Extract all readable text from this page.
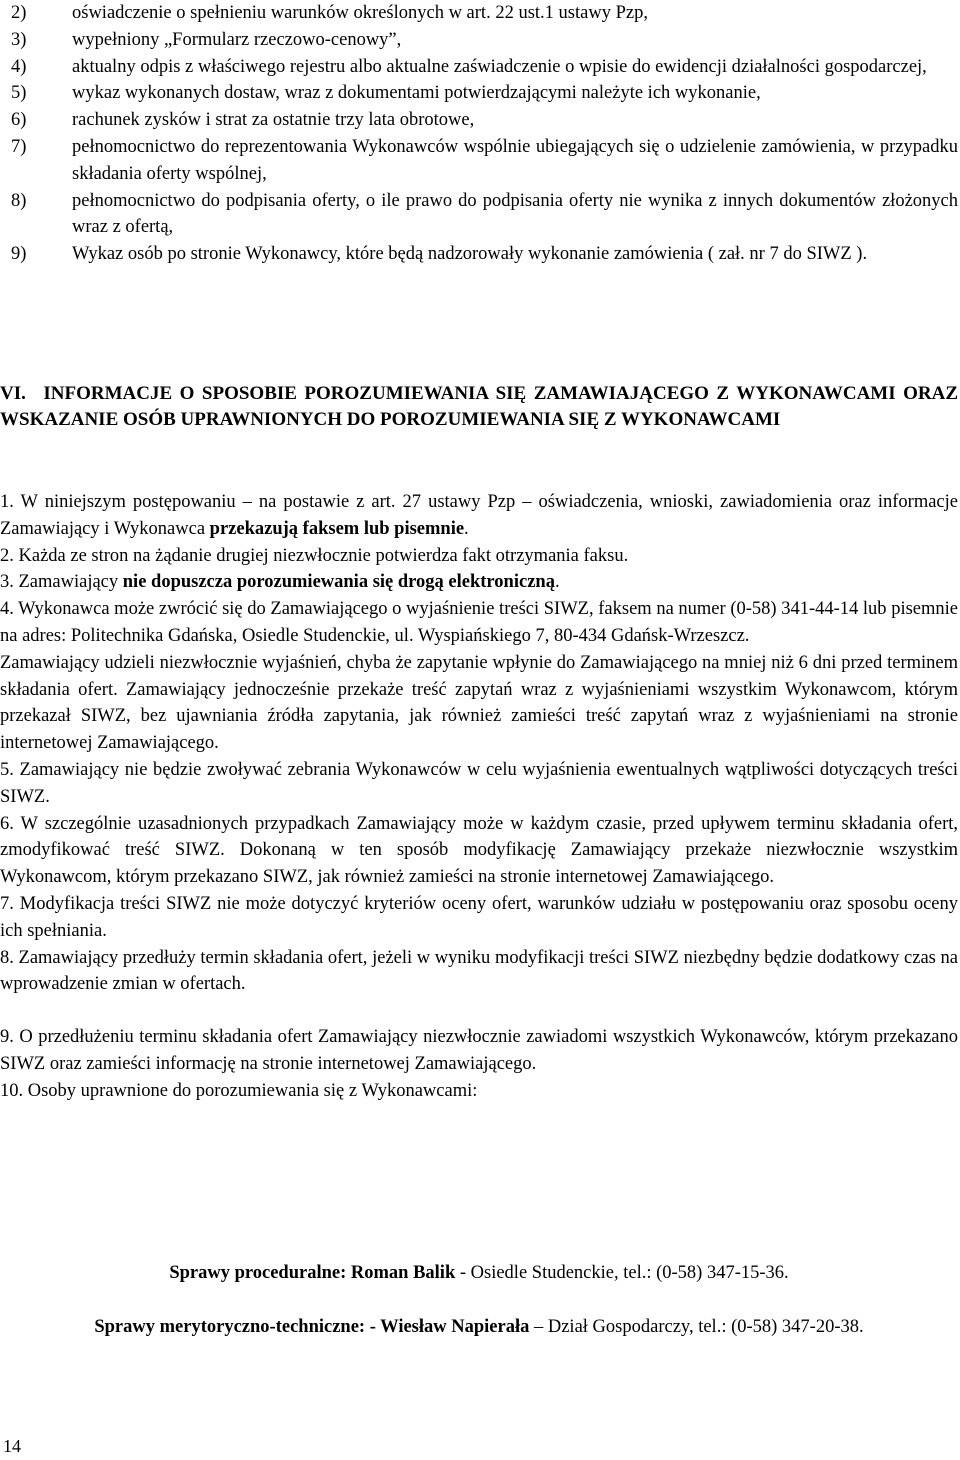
2) oświadczenie o spełnieniu warunków określonych w art. 22 ust.1 ustawy Pzp,
3) wypełniony „Formularz rzeczowo-cenowy”,
4) aktualny odpis z właściwego rejestru albo aktualne zaświadczenie o wpisie do ewidencji działalności gospodarczej,
5) wykaz wykonanych dostaw, wraz z dokumentami potwierdzającymi należyte ich wykonanie,
6) rachunek zysków i strat za ostatnie trzy lata obrotowe,
7) pełnomocnictwo do reprezentowania Wykonawców wspólnie ubiegających się o udzielenie zamówienia, w przypadku składania oferty wspólnej,
8) pełnomocnictwo do podpisania oferty, o ile prawo do podpisania oferty nie wynika z innych dokumentów złożonych wraz z ofertą,
9) Wykaz osób po stronie Wykonawcy, które będą nadzorowały wykonanie zamówienia ( zał. nr 7 do SIWZ ).
VI. INFORMACJE O SPOSOBIE POROZUMIEWANIA SIĘ ZAMAWIAJĄCEGO Z WYKONAWCAMI ORAZ WSKAZANIE OSÓB UPRAWNIONYCH DO POROZUMIEWANIA SIĘ Z WYKONAWCAMI

1. W niniejszym postępowaniu – na postawie z art. 27 ustawy Pzp – oświadczenia, wnioski, zawiadomienia oraz informacje Zamawiający i Wykonawca przekazują faksem lub pisemnie.

2. Każda ze stron na żądanie drugiej niezwłocznie potwierdza fakt otrzymania faksu.

3. Zamawiający nie dopuszcza porozumiewania się drogą elektroniczną.

4. Wykonawca może zwrócić się do Zamawiającego o wyjaśnienie treści SIWZ, faksem na numer (0-58) 341-44-14 lub pisemnie na adres: Politechnika Gdańska, Osiedle Studenckie, ul. Wyspiańskiego 7, 80-434 Gdańsk-Wrzeszcz.

Zamawiający udzieli niezwłocznie wyjaśnień, chyba że zapytanie wpłynie do Zamawiającego na mniej niż 6 dni przed terminem składania ofert. Zamawiający jednocześnie przekaże treść zapytań wraz z wyjaśnieniami wszystkim Wykonawcom, którym przekazał SIWZ, bez ujawniania źródła zapytania, jak również zamieści treść zapytań wraz z wyjaśnieniami na stronie internetowej Zamawiającego.

5. Zamawiający nie będzie zwoływać zebrania Wykonawców w celu wyjaśnienia ewentualnych wątpliwości dotyczących treści SIWZ.

6. W szczególnie uzasadnionych przypadkach Zamawiający może w każdym czasie, przed upływem terminu składania ofert, zmodyfikować treść SIWZ. Dokonaną w ten sposób modyfikację Zamawiający przekaże niezwłocznie wszystkim Wykonawcom, którym przekazano SIWZ, jak również zamieści na stronie internetowej Zamawiającego.

7. Modyfikacja treści SIWZ nie może dotyczyć kryteriów oceny ofert, warunków udziału w postępowaniu oraz sposobu oceny ich spełniania.

8. Zamawiający przedłuży termin składania ofert, jeżeli w wyniku modyfikacji treści SIWZ niezbędny będzie dodatkowy czas na wprowadzenie zmian w ofertach.

9. O przedłużeniu terminu składania ofert Zamawiający niezwłocznie zawiadomi wszystkich Wykonawców, którym przekazano SIWZ oraz zamieści informację na stronie internetowej Zamawiającego.

10. Osoby uprawnione do porozumiewania się z Wykonawcami:

Sprawy proceduralne: Roman Balik - Osiedle Studenckie, tel.: (0-58) 347-15-36.

Sprawy merytoryczno-techniczne: - Wiesław Napierała – Dział Gospodarczy, tel.: (0-58) 347-20-38.

14
